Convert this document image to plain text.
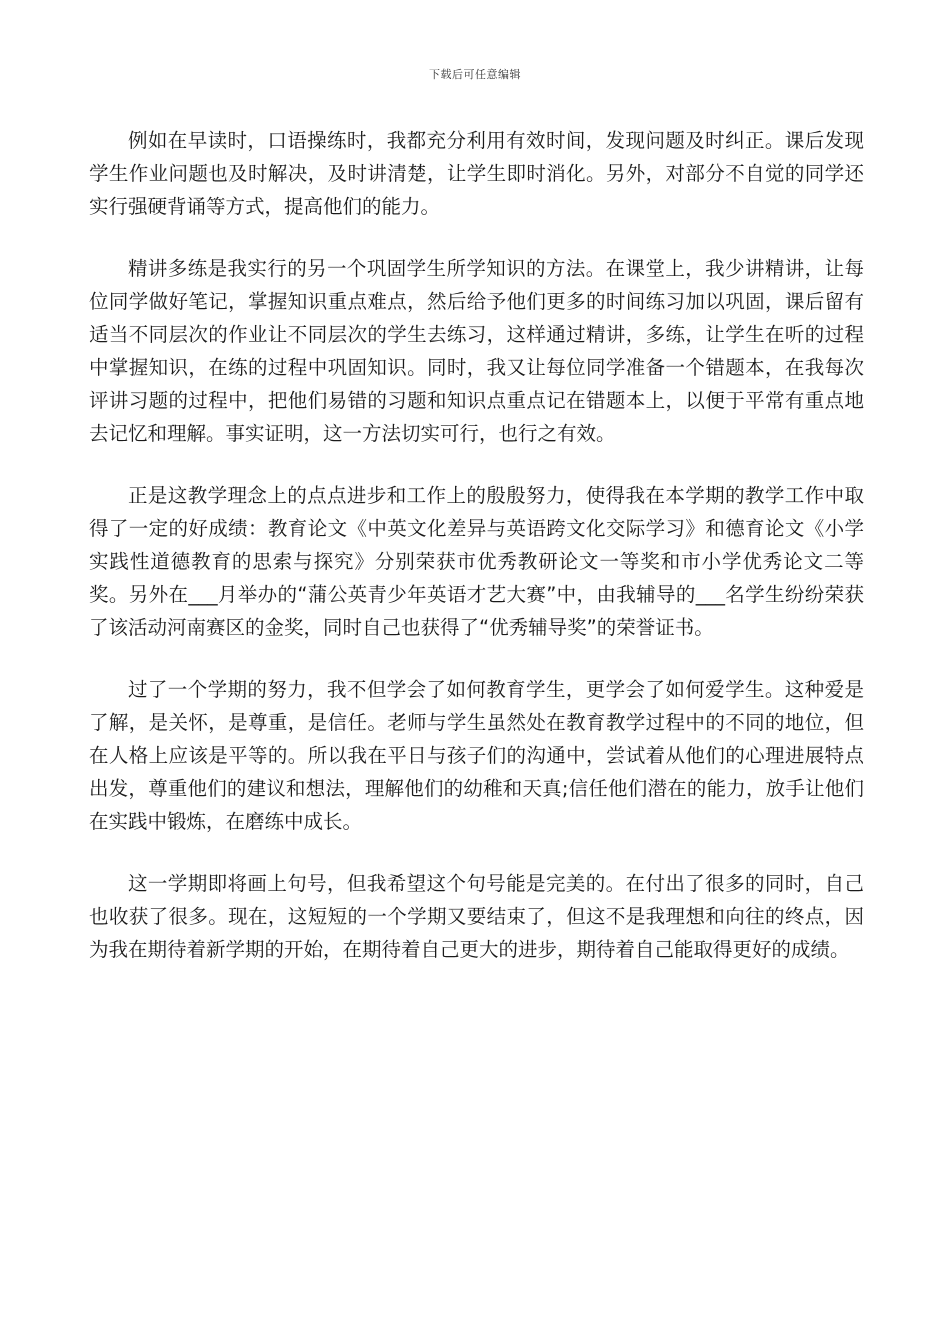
下载后可任意编辑

例如在早读时，口语操练时，我都充分利用有效时间，发现问题及时纠正。课后发现学生作业问题也及时解决，及时讲清楚，让学生即时消化。另外，对部分不自觉的同学还实行强硬背诵等方式，提高他们的能力。

精讲多练是我实行的另一个巩固学生所学知识的方法。在课堂上，我少讲精讲，让每位同学做好笔记，掌握知识重点难点，然后给予他们更多的时间练习加以巩固，课后留有适当不同层次的作业让不同层次的学生去练习，这样通过精讲，多练，让学生在听的过程中掌握知识，在练的过程中巩固知识。同时，我又让每位同学准备一个错题本，在我每次评讲习题的过程中，把他们易错的习题和知识点重点记在错题本上，以便于平常有重点地去记忆和理解。事实证明，这一方法切实可行，也行之有效。

正是这教学理念上的点点进步和工作上的殷殷努力，使得我在本学期的教学工作中取得了一定的好成绩：教育论文《中英文化差异与英语跨文化交际学习》和德育论文《小学实践性道德教育的思索与探究》分别荣获市优秀教研论文一等奖和市小学优秀论文二等奖。另外在___月举办的“蒲公英青少年英语才艺大赛”中，由我辅导的___名学生纷纷荣获了该活动河南赛区的金奖，同时自己也获得了“优秀辅导奖”的荣誉证书。

过了一个学期的努力，我不但学会了如何教育学生，更学会了如何爱学生。这种爱是了解，是关怀，是尊重，是信任。老师与学生虽然处在教育教学过程中的不同的地位，但在人格上应该是平等的。所以我在平日与孩子们的沟通中，尝试着从他们的心理进展特点出发，尊重他们的建议和想法，理解他们的幼稚和天真;信任他们潜在的能力，放手让他们在实践中锻炼，在磨练中成长。

这一学期即将画上句号，但我希望这个句号能是完美的。在付出了很多的同时，自己也收获了很多。现在，这短短的一个学期又要结束了，但这不是我理想和向往的终点，因为我在期待着新学期的开始，在期待着自己更大的进步，期待着自己能取得更好的成绩。
